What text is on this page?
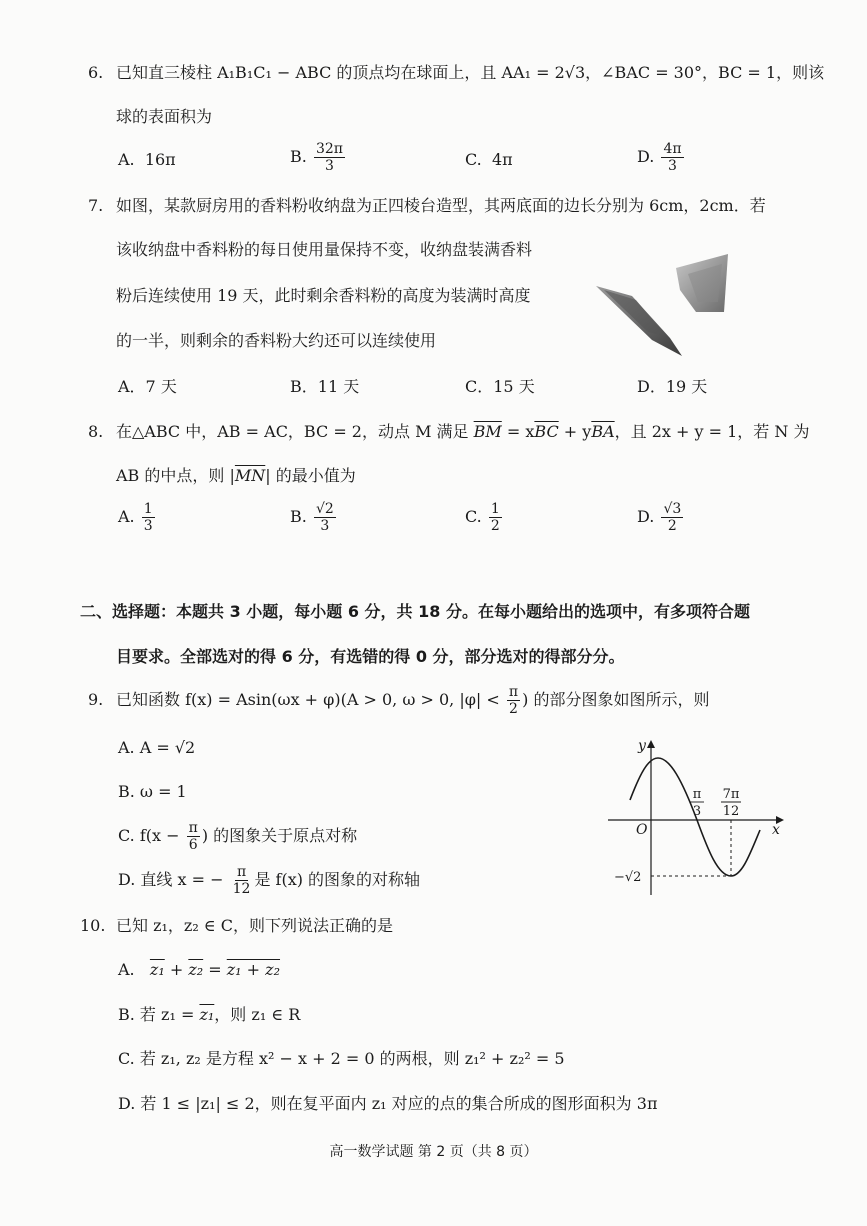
6. 已知直三棱柱 A₁B₁C₁ − ABC 的顶点均在球面上，且 AA₁ = 2√3，∠BAC = 30°，BC = 1，则该
球的表面积为
A. 16π	B. $\frac{32\pi}{3}$	C. 4π	D. $\frac{4\pi}{3}$
7. 如图，某款厨房用的香料粉收纳盘为正四棱台造型，其两底面的边长分别为 6cm，2cm．若
该收纳盘中香料粉的每日使用量保持不变，收纳盘装满香料
粉后连续使用 19 天，此时剩余香料粉的高度为装满时高度
的一半，则剩余的香料粉大约还可以连续使用
A．7 天	B．11 天	C．15 天	D．19 天
8. 在△ABC 中，AB = AC，BC = 2，动点 M 满足 $\overline{BM} = x\overline{BC} + y\overline{BA}$，且 2x + y = 1，若 N 为
AB 的中点，则 $|\overline{MN}|$ 的最小值为
A. $\frac{1}{3}$	B. $\frac{√2}{3}$	C. $\frac{1}{2}$	D. $\frac{√3}{2}$
二、选择题：本题共 3 小题，每小题 6 分，共 18 分。在每小题给出的选项中，有多项符合题
目要求。全部选对的得 6 分，有选错的得 0 分，部分选对的得部分分。
9. 已知函数 f(x) = Asin(ωx + φ)(A > 0, ω > 0, $|\varphi| < \frac{\pi}{2}$ ) 的部分图象如图所示，则
A. A = √2
B. ω = 1
C. $f(x - \frac{\pi}{6}$ ) 的图象关于原点对称
D. 直线 x = − $\frac{\pi}{12}$ 是 f(x) 的图象的对称轴
y
x
O
π
3
7π
12
−√2
10. 已知 z₁，z₂ ∈ C，则下列说法正确的是
A. z₁ + z₂ = z₁ + z₂
B. 若 z₁ = z₁，则 z₁ ∈ R
C. 若 z₁, z₂ 是方程 x² − x + 2 = 0 的两根，则 z₁² + z₂² = 5
D. 若 1 ≤ |z₁| ≤ 2，则在复平面内 z₁ 对应的点的集合所成的图形面积为 3π
高一数学试题 第 2 页（共 8 页）
